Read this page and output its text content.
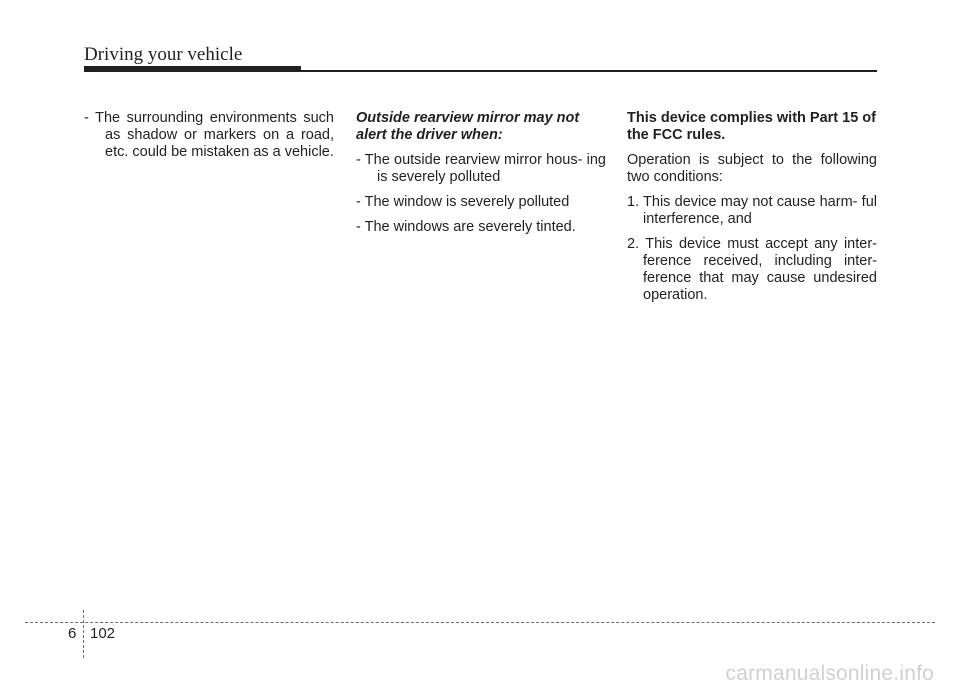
Driving your vehicle

- The surrounding environments such as shadow or markers on a road, etc. could be mistaken as a vehicle.

Outside rearview mirror may not alert the driver when:

- The outside rearview mirror hous- ing is severely polluted

- The window is severely polluted

- The windows are severely tinted.

This device complies with Part 15 of the FCC rules.

Operation is subject to the following two conditions:

1. This device may not cause harm- ful interference, and

2. This device must accept any inter- ference received, including inter- ference that may cause undesired operation.

6 102
carmanualsonline.info
